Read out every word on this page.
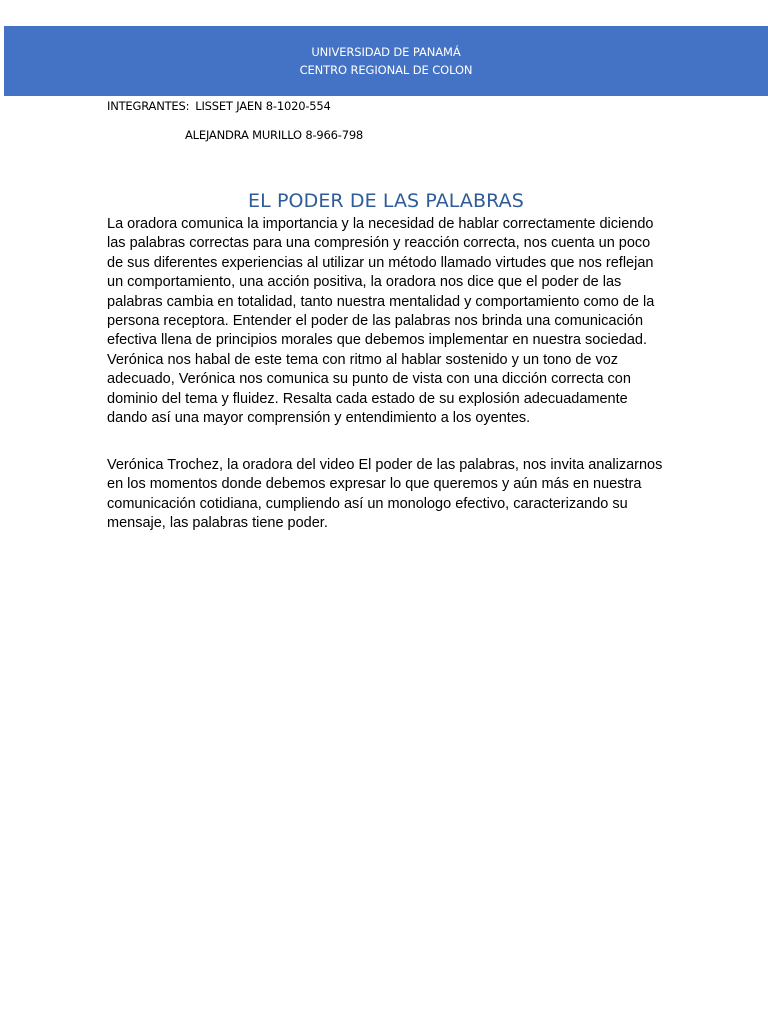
UNIVERSIDAD DE PANAMÁ
CENTRO REGIONAL DE COLON
INTEGRANTES: LISSET JAEN 8-1020-554
ALEJANDRA MURILLO 8-966-798
EL PODER DE LAS PALABRAS

La oradora comunica la importancia y la necesidad de hablar correctamente diciendo las palabras correctas para una compresión y reacción correcta, nos cuenta un poco de sus diferentes experiencias al utilizar un método llamado virtudes que nos reflejan un comportamiento, una acción positiva, la oradora nos dice que el poder de las palabras cambia en totalidad, tanto nuestra mentalidad y comportamiento como de la persona receptora. Entender el poder de las palabras nos brinda una comunicación efectiva llena de principios morales que debemos implementar en nuestra sociedad. Verónica nos habal de este tema con ritmo al hablar sostenido y un tono de voz adecuado, Verónica nos comunica su punto de vista con una dicción correcta con dominio del tema y fluidez. Resalta cada estado de su explosión adecuadamente dando así una mayor comprensión y entendimiento a los oyentes.

Verónica Trochez, la oradora del video El poder de las palabras, nos invita analizarnos en los momentos donde debemos expresar lo que queremos y aún más en nuestra comunicación cotidiana, cumpliendo así un monologo efectivo, caracterizando su mensaje, las palabras tiene poder.
